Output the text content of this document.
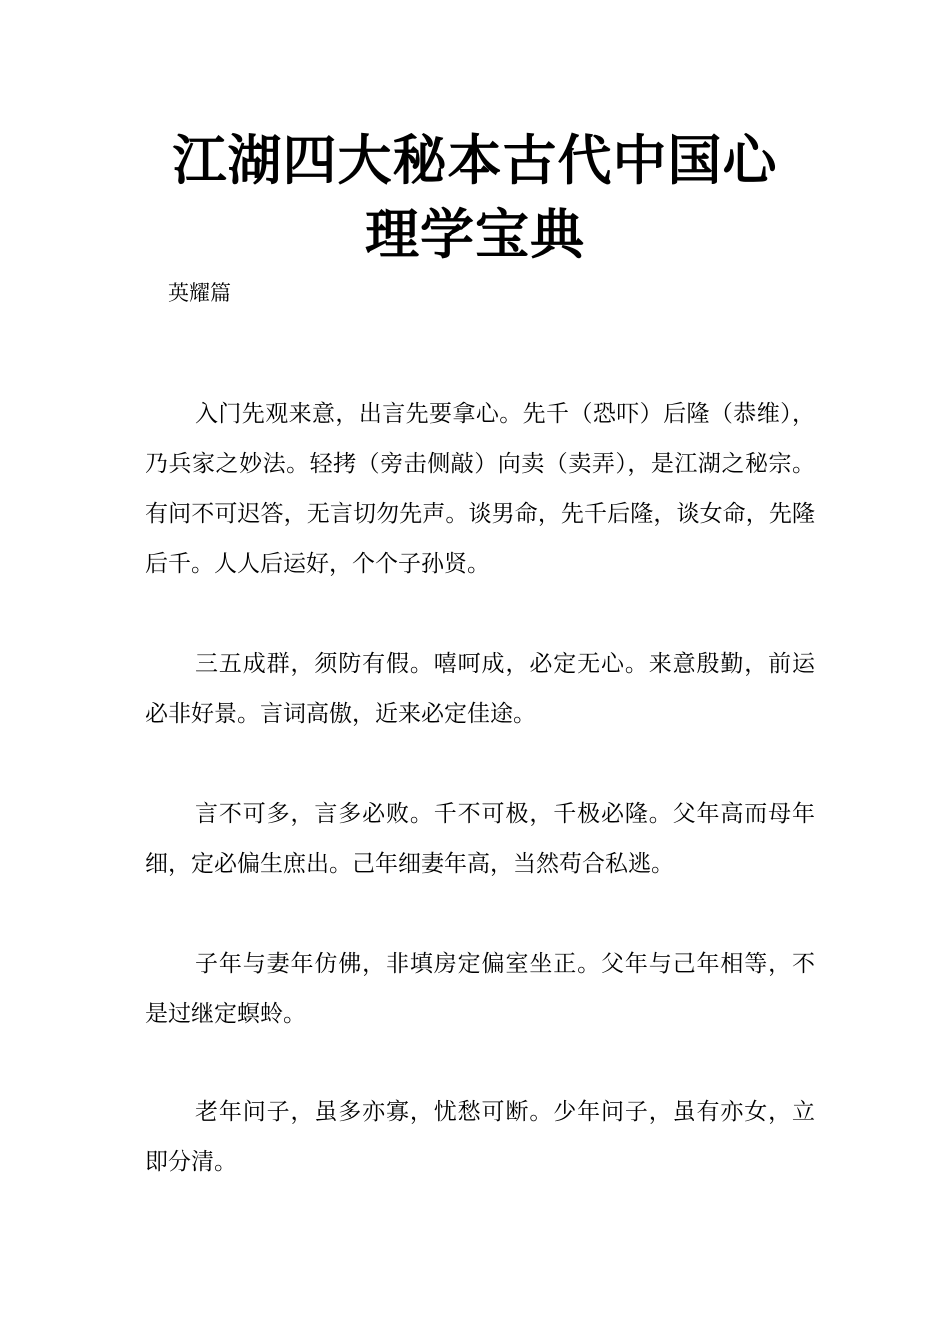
江湖四大秘本古代中国心
理学宝典
英耀篇

入门先观来意，出言先要拿心。先千（恐吓）后隆（恭维），乃兵家之妙法。轻拷（旁击侧敲）向卖（卖弄），是江湖之秘宗。有问不可迟答，无言切勿先声。谈男命，先千后隆，谈女命，先隆后千。人人后运好，个个子孙贤。

三五成群，须防有假。嘻呵成，必定无心。来意殷勤，前运必非好景。言词高傲，近来必定佳途。

言不可多，言多必败。千不可极，千极必隆。父年高而母年细，定必偏生庶出。己年细妻年高，当然苟合私逃。

子年与妻年仿佛，非填房定偏室坐正。父年与己年相等，不是过继定螟蛉。

老年问子，虽多亦寡，忧愁可断。少年问子，虽有亦女，立即分清。
